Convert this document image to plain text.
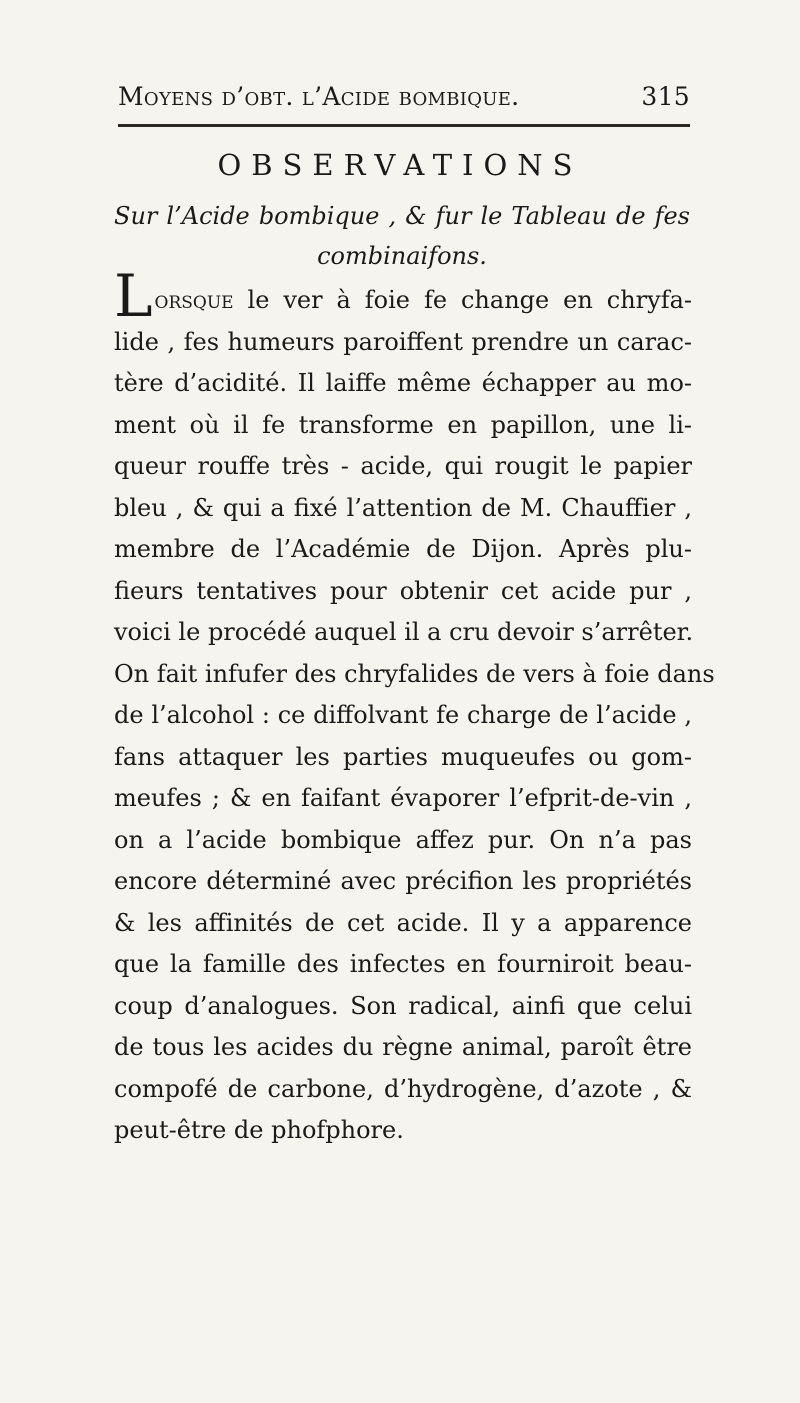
Moyens d’obt. l’Acide bombique.	315
OBSERVATIONS
Sur l’Acide bombique , & fur le Tableau de fes
combinaifons.
Lorsque le ver à foie fe change en chryfa-
lide , fes humeurs paroiffent prendre un carac-
tère d’acidité. Il laiffe même échapper au mo-
ment où il fe transforme en papillon, une li-
queur rouffe très - acide, qui rougit le papier
bleu , & qui a fixé l’attention de M. Chauffier ,
membre de l’Académie de Dijon. Après plu-
fieurs tentatives pour obtenir cet acide pur ,
voici le procédé auquel il a cru devoir s’arrêter.
On fait infufer des chryfalides de vers à foie dans
de l’alcohol : ce diffolvant fe charge de l’acide ,
fans attaquer les parties muqueufes ou gom-
meufes ; & en faifant évaporer l’efprit-de-vin ,
on a l’acide bombique affez pur. On n’a pas
encore déterminé avec précifion les propriétés
& les affinités de cet acide. Il y a apparence
que la famille des infectes en fourniroit beau-
coup d’analogues. Son radical, ainfi que celui
de tous les acides du règne animal, paroît être
compofé de carbone, d’hydrogène, d’azote , &
peut-être de phofphore.
